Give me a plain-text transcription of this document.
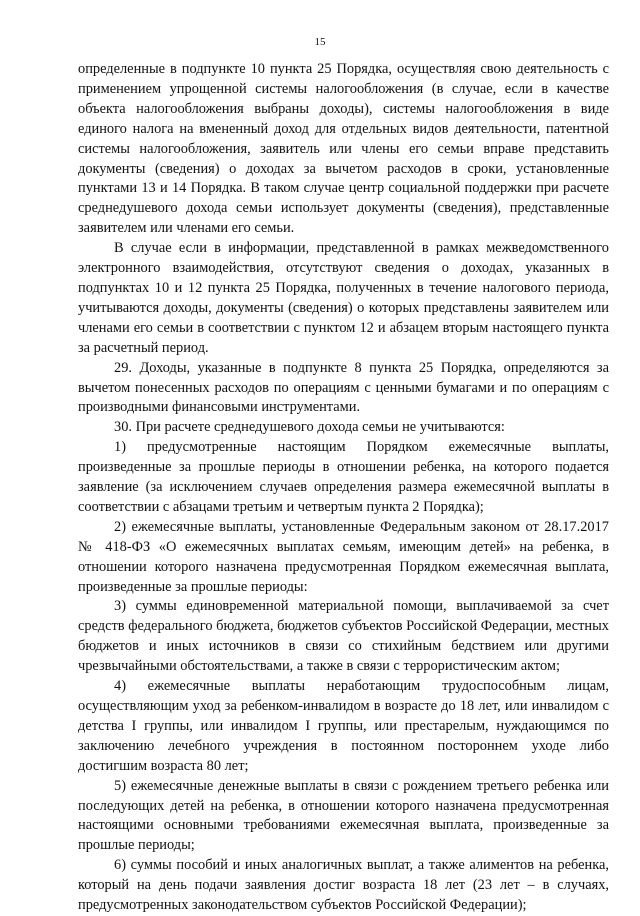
15

определенные в подпункте 10 пункта 25 Порядка, осуществляя свою деятельность с применением упрощенной системы налогообложения (в случае, если в качестве объекта налогообложения выбраны доходы), системы налогообложения в виде единого налога на вмененный доход для отдельных видов деятельности, патентной системы налогообложения, заявитель или члены его семьи вправе представить документы (сведения) о доходах за вычетом расходов в сроки, установленные пунктами 13 и 14 Порядка. В таком случае центр социальной поддержки при расчете среднедушевого дохода семьи использует документы (сведения), представленные заявителем или членами его семьи.

В случае если в информации, представленной в рамках межведомственного электронного взаимодействия, отсутствуют сведения о доходах, указанных в подпунктах 10 и 12 пункта 25 Порядка, полученных в течение налогового периода, учитываются доходы, документы (сведения) о которых представлены заявителем или членами его семьи в соответствии с пунктом 12 и абзацем вторым настоящего пункта за расчетный период.

29. Доходы, указанные в подпункте 8 пункта 25 Порядка, определяются за вычетом понесенных расходов по операциям с ценными бумагами и по операциям с производными финансовыми инструментами.

30. При расчете среднедушевого дохода семьи не учитываются:

1) предусмотренные настоящим Порядком ежемесячные выплаты, произведенные за прошлые периоды в отношении ребенка, на которого подается заявление (за исключением случаев определения размера ежемесячной выплаты в соответствии с абзацами третьим и четвертым пункта 2 Порядка);

2) ежемесячные выплаты, установленные Федеральным законом от 28.17.2017 № 418-ФЗ «О ежемесячных выплатах семьям, имеющим детей» на ребенка, в отношении которого назначена предусмотренная Порядком ежемесячная выплата, произведенные за прошлые периоды:

3) суммы единовременной материальной помощи, выплачиваемой за счет средств федерального бюджета, бюджетов субъектов Российской Федерации, местных бюджетов и иных источников в связи со стихийным бедствием или другими чрезвычайными обстоятельствами, а также в связи с террористическим актом;

4) ежемесячные выплаты неработающим трудоспособным лицам, осуществляющим уход за ребенком-инвалидом в возрасте до 18 лет, или инвалидом с детства I группы, или инвалидом I группы, или престарелым, нуждающимся по заключению лечебного учреждения в постоянном постороннем уходе либо достигшим возраста 80 лет;

5) ежемесячные денежные выплаты в связи с рождением третьего ребенка или последующих детей на ребенка, в отношении которого назначена предусмотренная настоящими основными требованиями ежемесячная выплата, произведенные за прошлые периоды;

6) суммы пособий и иных аналогичных выплат, а также алиментов на ребенка, который на день подачи заявления достиг возраста 18 лет (23 лет – в случаях, предусмотренных законодательством субъектов Российской Федерации);
